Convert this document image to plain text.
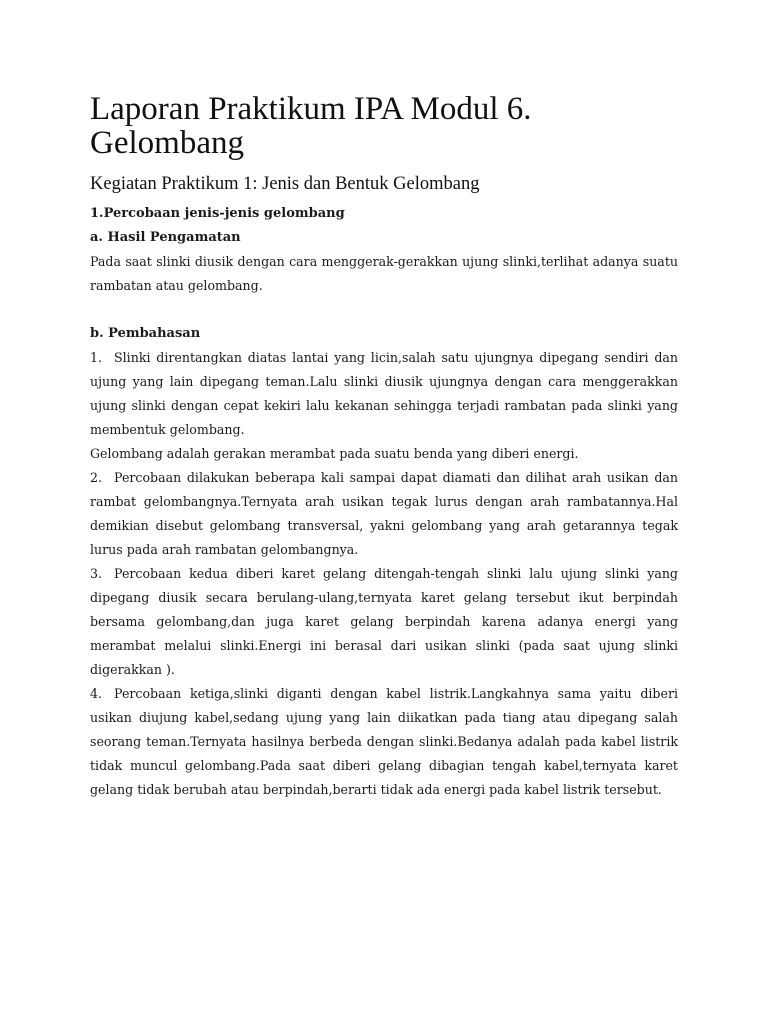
Laporan Praktikum IPA Modul 6. Gelombang
Kegiatan Praktikum 1: Jenis dan Bentuk Gelombang

1.Percobaan jenis-jenis gelombang

a. Hasil Pengamatan

Pada saat slinki diusik dengan cara menggerak-gerakkan ujung slinki,terlihat adanya suatu rambatan atau gelombang.

b. Pembahasan

1. Slinki direntangkan diatas lantai yang licin,salah satu ujungnya dipegang sendiri dan ujung yang lain dipegang teman.Lalu slinki diusik ujungnya dengan cara menggerakkan ujung slinki dengan cepat kekiri lalu kekanan sehingga terjadi rambatan pada slinki yang membentuk gelombang.

Gelombang adalah gerakan merambat pada suatu benda yang diberi energi.

2. Percobaan dilakukan beberapa kali sampai dapat diamati dan dilihat arah usikan dan rambat gelombangnya.Ternyata arah usikan tegak lurus dengan arah rambatannya.Hal demikian disebut gelombang transversal, yakni gelombang yang arah getarannya tegak lurus pada arah rambatan gelombangnya.

3. Percobaan kedua diberi karet gelang ditengah-tengah slinki lalu ujung slinki yang dipegang diusik secara berulang-ulang,ternyata karet gelang tersebut ikut berpindah bersama gelombang,dan juga karet gelang berpindah karena adanya energi yang merambat melalui slinki.Energi ini berasal dari usikan slinki (pada saat ujung slinki digerakkan ).

4. Percobaan ketiga,slinki diganti dengan kabel listrik.Langkahnya sama yaitu diberi usikan diujung kabel,sedang ujung yang lain diikatkan pada tiang atau dipegang salah seorang teman.Ternyata hasilnya berbeda dengan slinki.Bedanya adalah pada kabel listrik tidak muncul gelombang.Pada saat diberi gelang dibagian tengah kabel,ternyata karet gelang tidak berubah atau berpindah,berarti tidak ada energi pada kabel listrik tersebut.
